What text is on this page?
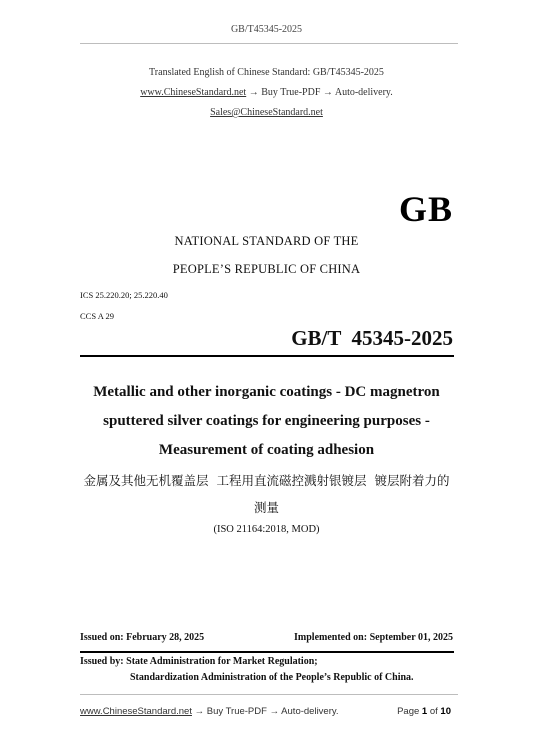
GB/T45345-2025
Translated English of Chinese Standard: GB/T45345-2025
www.ChineseStandard.net → Buy True-PDF → Auto-delivery.
Sales@ChineseStandard.net
GB
NATIONAL STANDARD OF THE
PEOPLE’S REPUBLIC OF CHINA
ICS 25.220.20; 25.220.40
CCS A 29
GB/T  45345-2025
Metallic and other inorganic coatings - DC magnetron
sputtered silver coatings for engineering purposes -
Measurement of coating adhesion
金属及其他无机覆盖层  工程用直流磁控溅射银镀层  镀层附着力的
测量
(ISO 21164:2018, MOD)
Issued on: February 28, 2025	Implemented on: September 01, 2025
Issued by: State Administration for Market Regulation;
Standardization Administration of the People’s Republic of China.
www.ChineseStandard.net → Buy True-PDF → Auto-delivery.	Page 1 of 10
